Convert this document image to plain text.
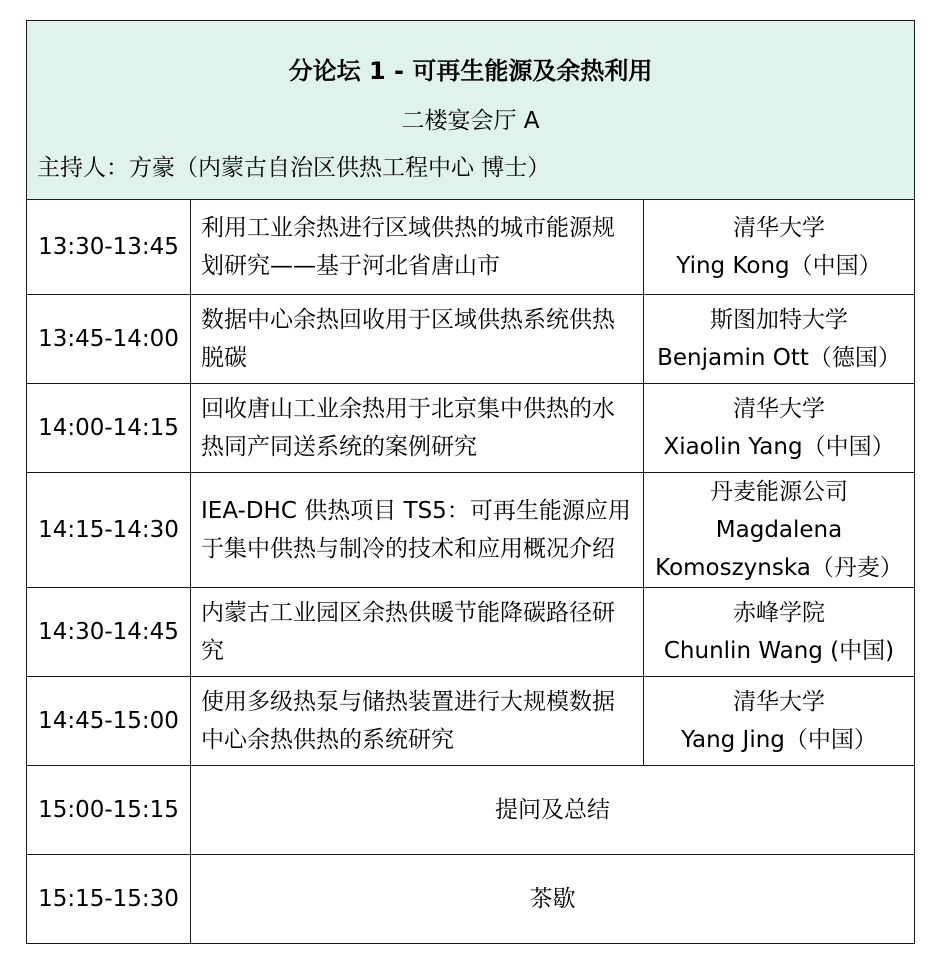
分论坛 1 - 可再生能源及余热利用
二楼宴会厅 A
主持人：方豪（内蒙古自治区供热工程中心 博士）		

13:30-13:45	利用工业余热进行区域供热的城市能源规划研究——基于河北省唐山市	清华大学
Ying Kong（中国）

13:45-14:00	数据中心余热回收用于区域供热系统供热脱碳	斯图加特大学
Benjamin Ott（德国）

14:00-14:15	回收唐山工业余热用于北京集中供热的水热同产同送系统的案例研究	清华大学
Xiaolin Yang（中国）

14:15-14:30	IEA-DHC 供热项目 TS5：可再生能源应用于集中供热与制冷的技术和应用概况介绍	丹麦能源公司
Magdalena Komoszynska（丹麦）

14:30-14:45	内蒙古工业园区余热供暖节能降碳路径研究	赤峰学院
Chunlin Wang (中国)

14:45-15:00	使用多级热泵与储热装置进行大规模数据中心余热供热的系统研究	清华大学
Yang Jing（中国）

15:00-15:15	提问及总结	
15:15-15:30	茶歇	
